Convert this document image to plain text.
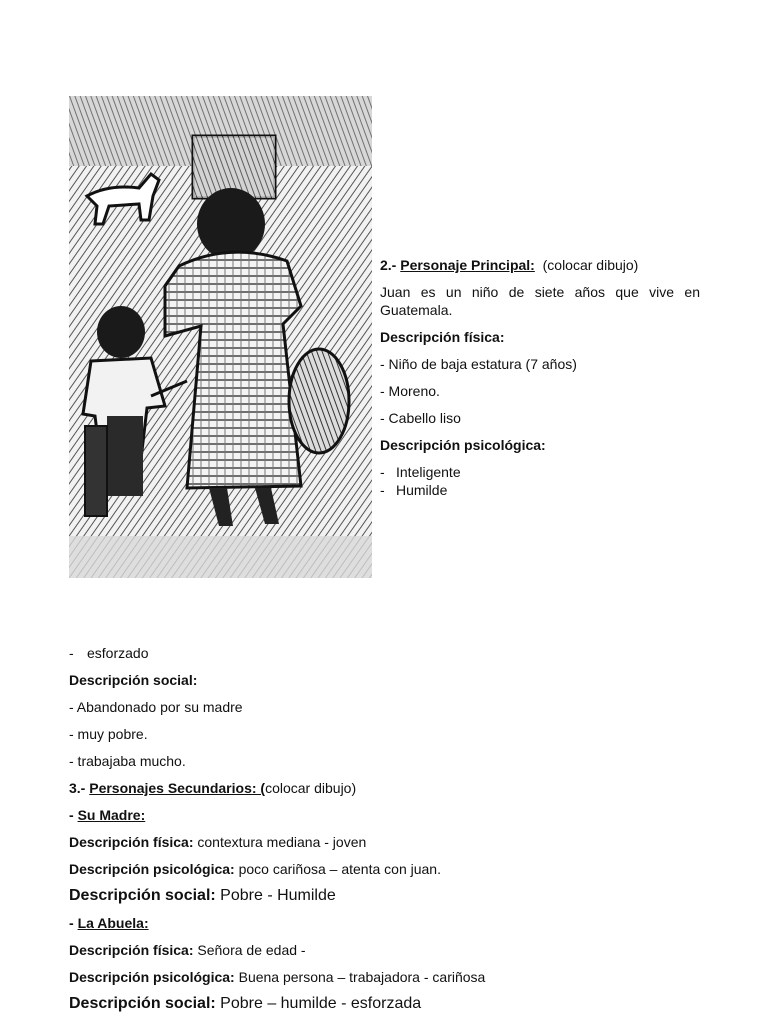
2.- Personaje Principal: (colocar dibujo)

Juan es un niño de siete años que vive en

Guatemala.

Descripción física:

- Niño de baja estatura (7 años)

- Moreno.

- Cabello liso

Descripción psicológica:

- Inteligente

- Humilde

- esforzado

Descripción social:

- Abandonado por su madre

- muy pobre.

- trabajaba mucho.

3.- Personajes Secundarios: (colocar dibujo)

- Su Madre:

Descripción física: contextura mediana - joven

Descripción psicológica: poco cariñosa – atenta con juan.

Descripción social: Pobre - Humilde

- La Abuela:

Descripción física: Señora de edad -

Descripción psicológica: Buena persona – trabajadora - cariñosa

Descripción social: Pobre – humilde - esforzada
